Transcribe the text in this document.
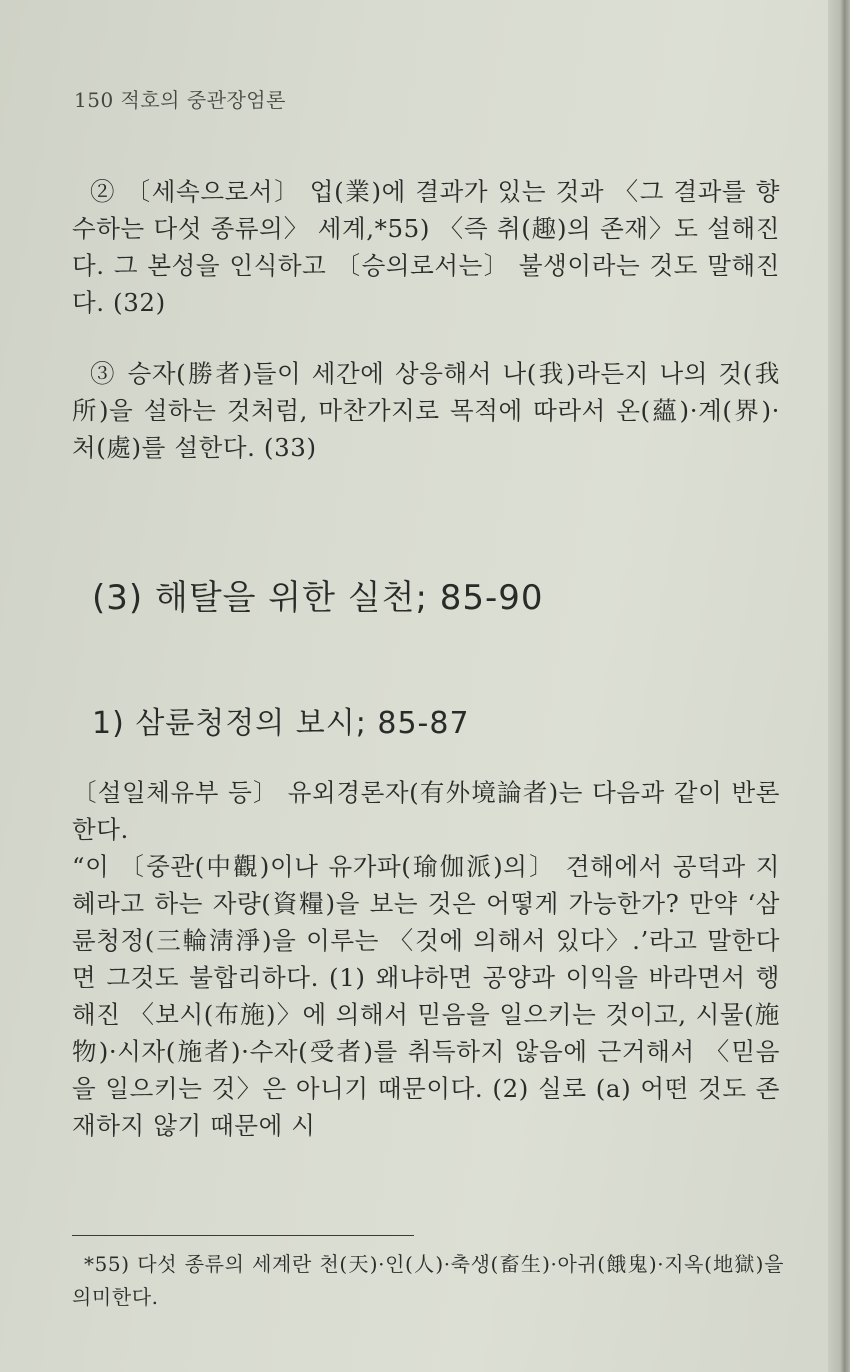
150 적호의 중관장엄론

② 〔세속으로서〕 업(業)에 결과가 있는 것과 〈그 결과를 향수하는 다섯 종류의〉 세계,*55) 〈즉 취(趣)의 존재〉도 설해진다. 그 본성을 인식하고 〔승의로서는〕 불생이라는 것도 말해진다. (32)

③ 승자(勝者)들이 세간에 상응해서 나(我)라든지 나의 것(我所)을 설하는 것처럼, 마찬가지로 목적에 따라서 온(蘊)·계(界)·처(處)를 설한다. (33)

(3) 해탈을 위한 실천; 85-90
1) 삼륜청정의 보시; 85-87

〔설일체유부 등〕 유외경론자(有外境論者)는 다음과 같이 반론한다.

“이 〔중관(中觀)이나 유가파(瑜伽派)의〕 견해에서 공덕과 지혜라고 하는 자량(資糧)을 보는 것은 어떻게 가능한가? 만약 ‘삼륜청정(三輪淸淨)을 이루는 〈것에 의해서 있다〉.’라고 말한다면 그것도 불합리하다. (1) 왜냐하면 공양과 이익을 바라면서 행해진 〈보시(布施)〉에 의해서 믿음을 일으키는 것이고, 시물(施物)·시자(施者)·수자(受者)를 취득하지 않음에 근거해서 〈믿음을 일으키는 것〉은 아니기 때문이다. (2) 실로 (a) 어떤 것도 존재하지 않기 때문에 시

*55) 다섯 종류의 세계란 천(天)·인(人)·축생(畜生)·아귀(餓鬼)·지옥(地獄)을 의미한다.
